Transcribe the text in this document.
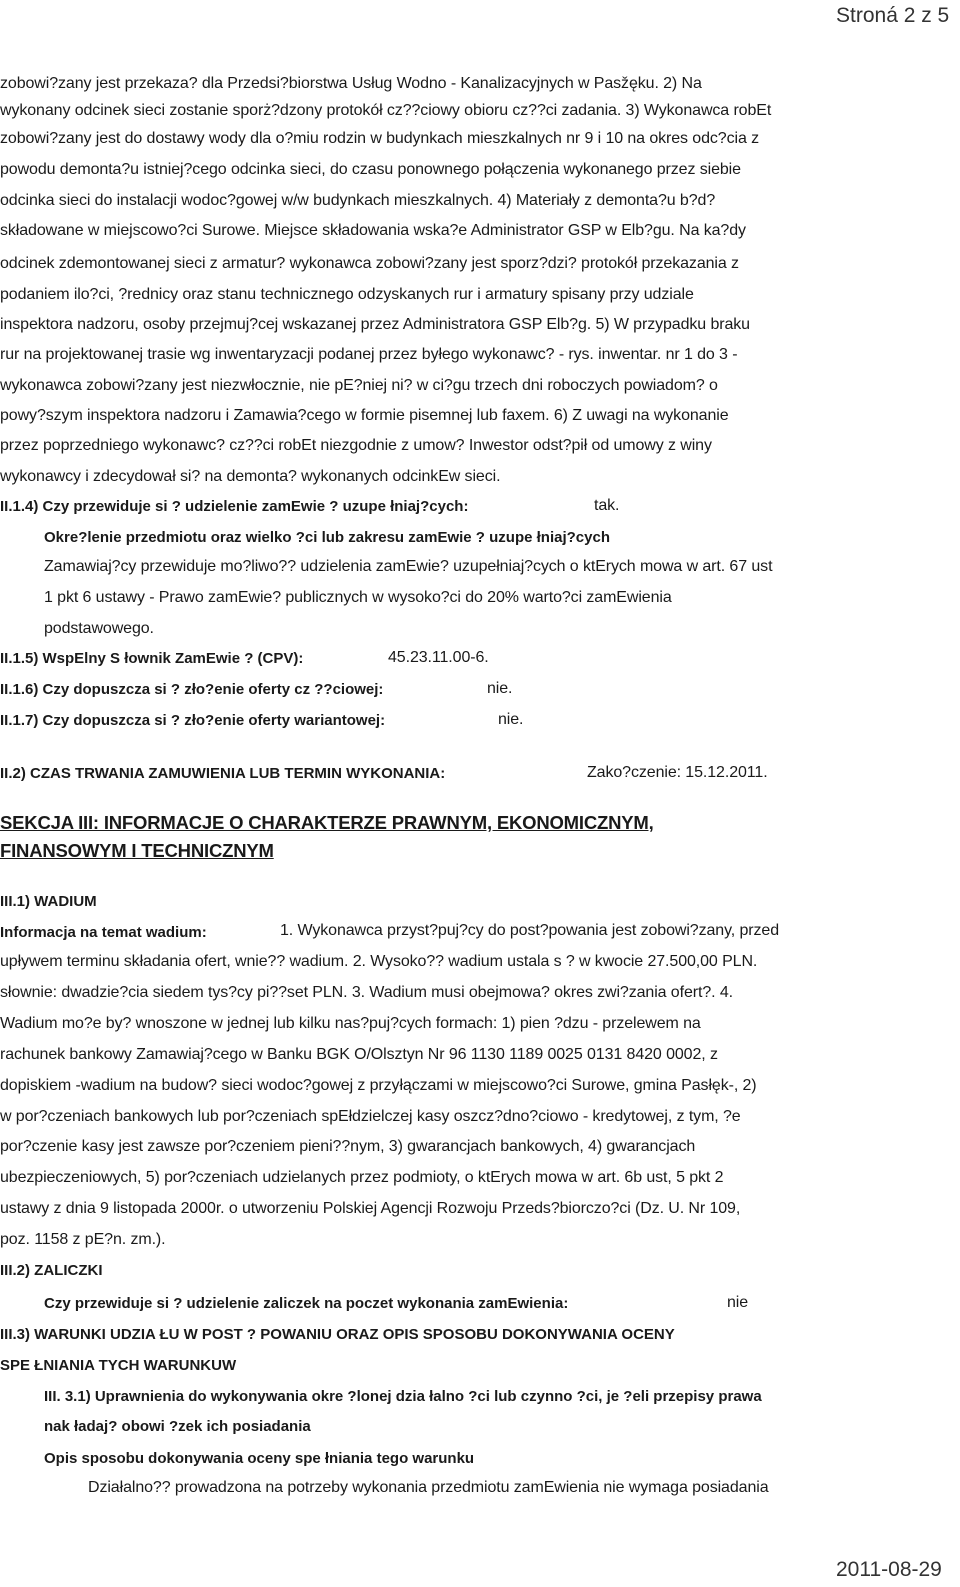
Stroná 2 z 5
zobowi?zany jest przekaza? dla Przedsi?biorstwa Usług Wodno - Kanalizacyjnych w Pasžęku. 2) Na
wykonany odcinek sieci zostanie sporż?dzony protokół cz??ciowy obioru cz??ci zadania. 3) Wykonawca robEt
zobowi?zany jest do dostawy wody dla o?miu rodzin w budynkach mieszkalnych nr 9 i 10 na okres odc?cia z
powodu demonta?u istniej?cego odcinka sieci, do czasu ponownego połączenia wykonanego przez siebie
odcinka sieci do instalacji wodoc?gowej w/w budynkach mieszkalnych. 4) Materiały z demonta?u b?d?
składowane w miejscowo?ci Surowe. Miejsce składowania wska?e Administrator GSP w Elb?gu. Na ka?dy
odcinek zdemontowanej sieci z armatur? wykonawca zobowi?zany jest sporz?dzi? protokół przekazania z
podaniem ilo?ci, ?rednicy oraz stanu technicznego odzyskanych rur i armatury spisany przy udziale
inspektora nadzoru, osoby przejmuj?cej wskazanej przez Administratora GSP Elb?g. 5) W przypadku braku
rur na projektowanej trasie wg inwentaryzacji podanej przez byłego wykonawc? - rys. inwentar. nr 1 do 3 -
wykonawca zobowi?zany jest niezwłocznie, nie pE?niej ni? w ci?gu trzech dni roboczych powiadom? o
powy?szym inspektora nadzoru i Zamawia?cego w formie pisemnej lub faxem. 6) Z uwagi na wykonanie
przez poprzedniego wykonawc? cz??ci robEt niezgodnie z umow? Inwestor odst?pił od umowy z winy
wykonawcy i zdecydował si? na demonta? wykonanych odcinkEw sieci.
II.1.4) Czy przewiduje si ? udzielenie zamEwie ? uzupe łniaj?cych:	tak.
Okre?lenie przedmiotu oraz wielko ?ci lub zakresu zamEwie ? uzupe łniaj?cych
Zamawiaj?cy przewiduje mo?liwo?? udzielenia zamEwie? uzupełniaj?cych o ktErych mowa w art. 67 ust
1 pkt 6 ustawy - Prawo zamEwie? publicznych w wysoko?ci do 20% warto?ci zamEwienia
podstawowego.
II.1.5) WspElny S łownik ZamEwie ? (CPV):	45.23.11.00-6.
II.1.6) Czy dopuszcza si ? zło?enie oferty cz ??ciowej:	nie.
II.1.7) Czy dopuszcza si ? zło?enie oferty wariantowej:	nie.
II.2) CZAS TRWANIA ZAMUWIENIA LUB TERMIN WYKONANIA:	Zako?czenie: 15.12.2011.
SEKCJA III: INFORMACJE O CHARAKTERZE PRAWNYM, EKONOMICZNYM,
FINANSOWYM I TECHNICZNYM
III.1) WADIUM
Informacja na temat wadium:	1. Wykonawca przyst?puj?cy do post?powania jest zobowi?zany, przed
upływem terminu składania ofert, wnie?? wadium. 2. Wysoko?? wadium ustala s ? w kwocie 27.500,00 PLN.
słownie: dwadzie?cia siedem tys?cy pi??set PLN. 3. Wadium musi obejmowa? okres zwi?zania ofert?. 4.
Wadium mo?e by? wnoszone w jednej lub kilku nas?puj?cych formach: 1) pien ?dzu - przelewem na
rachunek bankowy Zamawiaj?cego w Banku BGK O/Olsztyn Nr 96 1130 1189 0025 0131 8420 0002, z
dopiskiem -wadium na budow? sieci wodoc?gowej z przyłączami w miejscowo?ci Surowe, gmina Pasłęk-, 2)
w por?czeniach bankowych lub por?czeniach spEłdzielczej kasy oszcz?dno?ciowo - kredytowej, z tym, ?e
por?czenie kasy jest zawsze por?czeniem pieni??nym, 3) gwarancjach bankowych, 4) gwarancjach
ubezpieczeniowych, 5) por?czeniach udzielanych przez podmioty, o ktErych mowa w art. 6b ust, 5 pkt 2
ustawy z dnia 9 listopada 2000r. o utworzeniu Polskiej Agencji Rozwoju Przeds?biorczo?ci (Dz. U. Nr 109,
poz. 1158 z pE?n. zm.).
III.2) ZALICZKI
Czy przewiduje si ? udzielenie zaliczek na poczet wykonania zamEwienia:	nie
III.3) WARUNKI UDZIA ŁU W POST ? POWANIU ORAZ OPIS SPOSOBU DOKONYWANIA OCENY
SPE ŁNIANIA TYCH WARUNKUW
III. 3.1) Uprawnienia do wykonywania okre ?lonej dzia łalno ?ci lub czynno ?ci, je ?eli przepisy prawa
nak ładaj? obowi ?zek ich posiadania
Opis sposobu dokonywania oceny spe łniania tego warunku
Działalno?? prowadzona na potrzeby wykonania przedmiotu zamEwienia nie wymaga posiadania
2011-08-29
